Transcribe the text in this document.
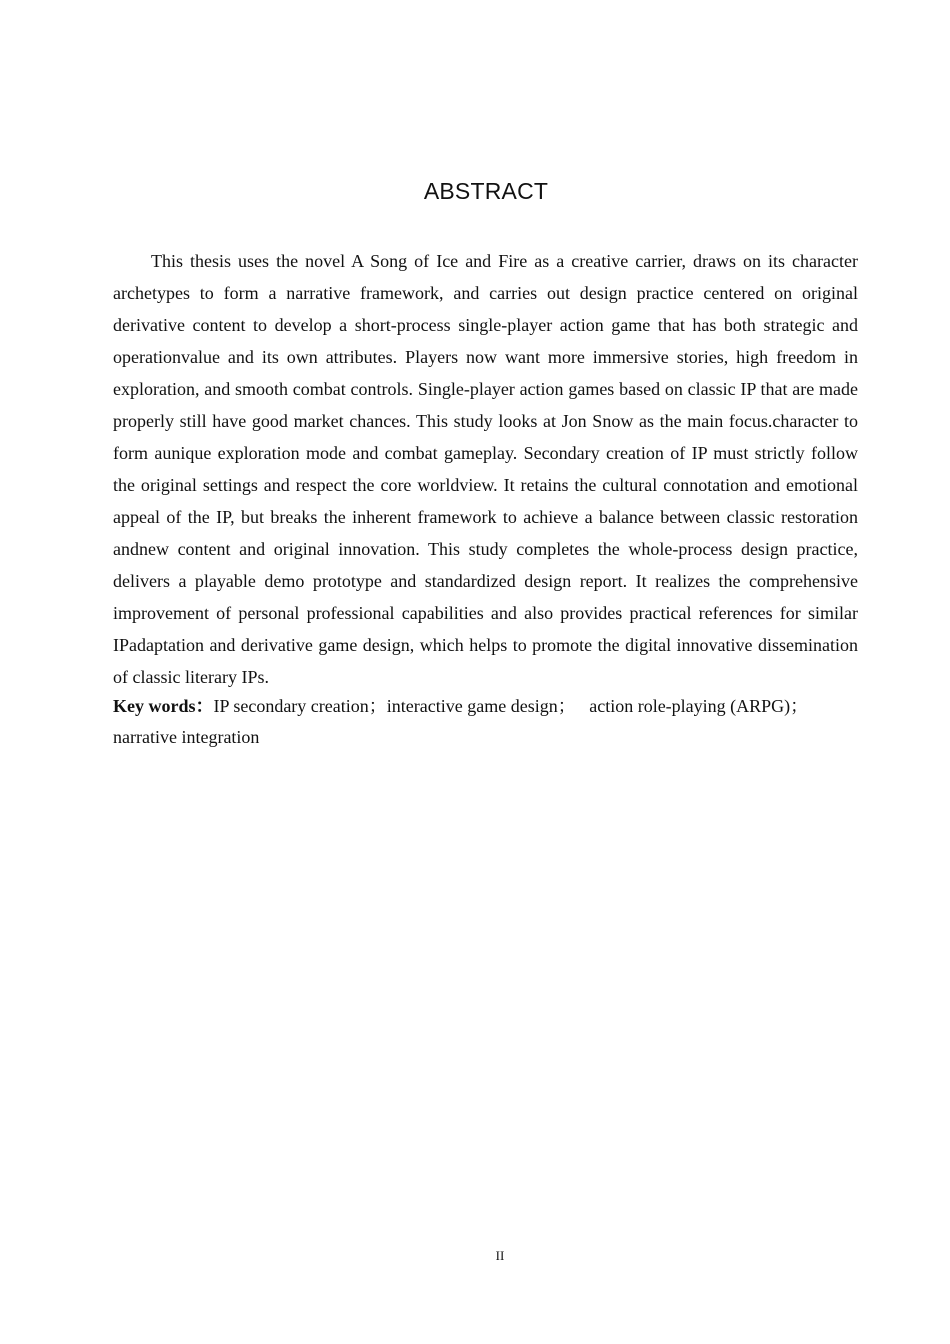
ABSTRACT

This thesis uses the novel A Song of Ice and Fire as a creative carrier, draws on its character archetypes to form a narrative framework, and carries out design practice centered on original derivative content to develop a short-process single-player action game that has both strategic and operationvalue and its own attributes. Players now want more immersive stories, high freedom in exploration, and smooth combat controls. Single-player action games based on classic IP that are made properly still have good market chances. This study looks at Jon Snow as the main focus.character to form aunique exploration mode and combat gameplay. Secondary creation of IP must strictly follow the original settings and respect the core worldview. It retains the cultural connotation and emotional appeal of the IP, but breaks the inherent framework to achieve a balance between classic restoration andnew content and original innovation. This study completes the whole-process design practice, delivers a playable demo prototype and standardized design report. It realizes the comprehensive improvement of personal professional capabilities and also provides practical references for similar IPadaptation and derivative game design, which helps to promote the digital innovative dissemination of classic literary IPs.

Key words：IP secondary creation；interactive game design； action role-playing (ARPG)； narrative integration

II
